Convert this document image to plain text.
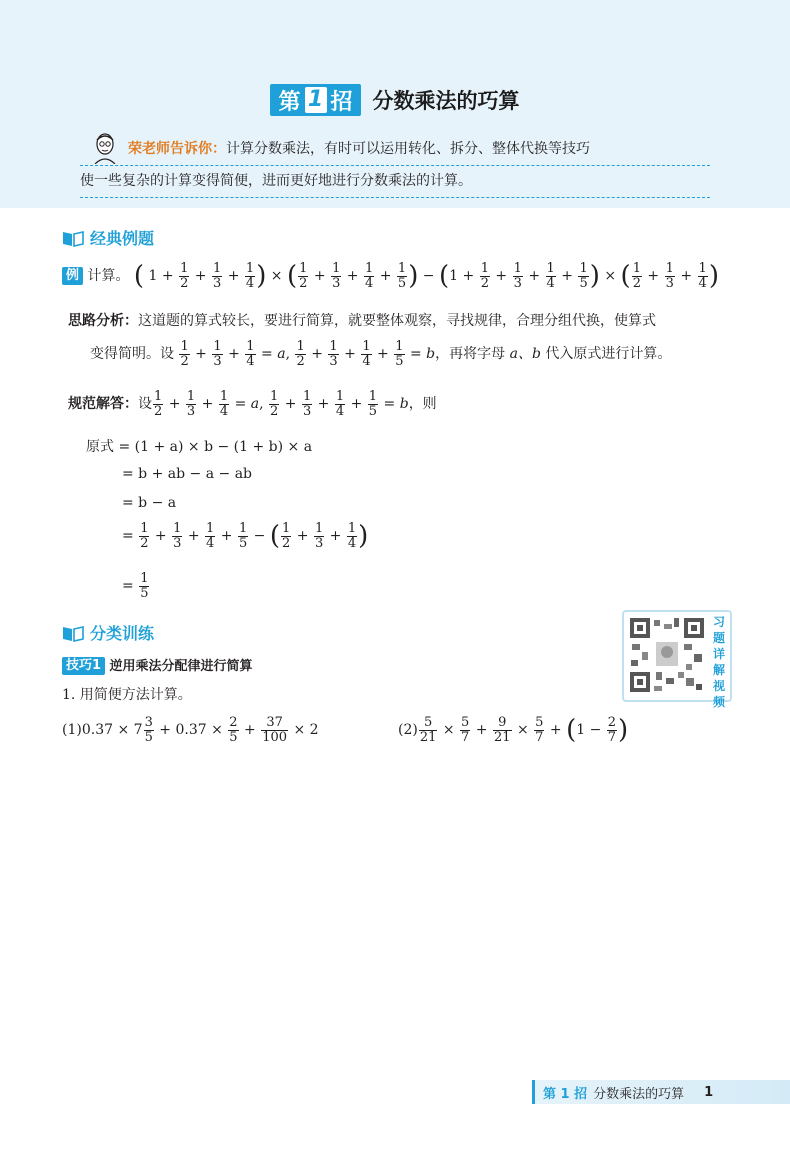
第 1 招 分数乘法的巧算
荣老师告诉你：计算分数乘法，有时可以运用转化、拆分、整体代换等技巧
使一些复杂的计算变得简便，进而更好地进行分数乘法的计算。
经典例题
例 计算。 ( $1 + \frac{1}{2} + \frac{1}{3} + \frac{1}{4}$ ) × ( $\frac{1}{2} + \frac{1}{3} + \frac{1}{4} + \frac{1}{5}$ ) − ($1 + \frac{1}{2} + \frac{1}{3} + \frac{1}{4} + \frac{1}{5}$ ) × ( $\frac{1}{2} + \frac{1}{3} + \frac{1}{4}$ )
思路分析：这道题的算式较长，要进行简算，就要整体观察，寻找规律，合理分组代换，使算式
变得简明。设 $\frac{1}{2} + \frac{1}{3} + \frac{1}{4} = a$, $\frac{1}{2} + \frac{1}{3} + \frac{1}{4} + \frac{1}{5} = b$，再将字母 a、b 代入原式进行计算。
规范解答：设 $\frac{1}{2} + \frac{1}{3} + \frac{1}{4} = a$, $\frac{1}{2} + \frac{1}{3} + \frac{1}{4} + \frac{1}{5} = b$，则
原式 = (1 + a) × b − (1 + b) × a
= b + ab − a − ab
= b − a
= $\frac{1}{2} + \frac{1}{3} + \frac{1}{4} + \frac{1}{5}$ − ( $\frac{1}{2} + \frac{1}{3} + \frac{1}{4}$ )
= $\frac{1}{5}$
分类训练
技巧1 逆用乘法分配律进行简算
1. 用简便方法计算。
$(1)0.37 \times 7 \frac{3}{5} + 0.37 \times \frac{2}{5} + \frac{37}{100} \times 2$	$(2) \frac{5}{21} \times \frac{5}{7} + \frac{9}{21} \times \frac{5}{7} + (1 - \frac{2}{7}$ )
习题详解视频
第 1 招 分数乘法的巧算 1
